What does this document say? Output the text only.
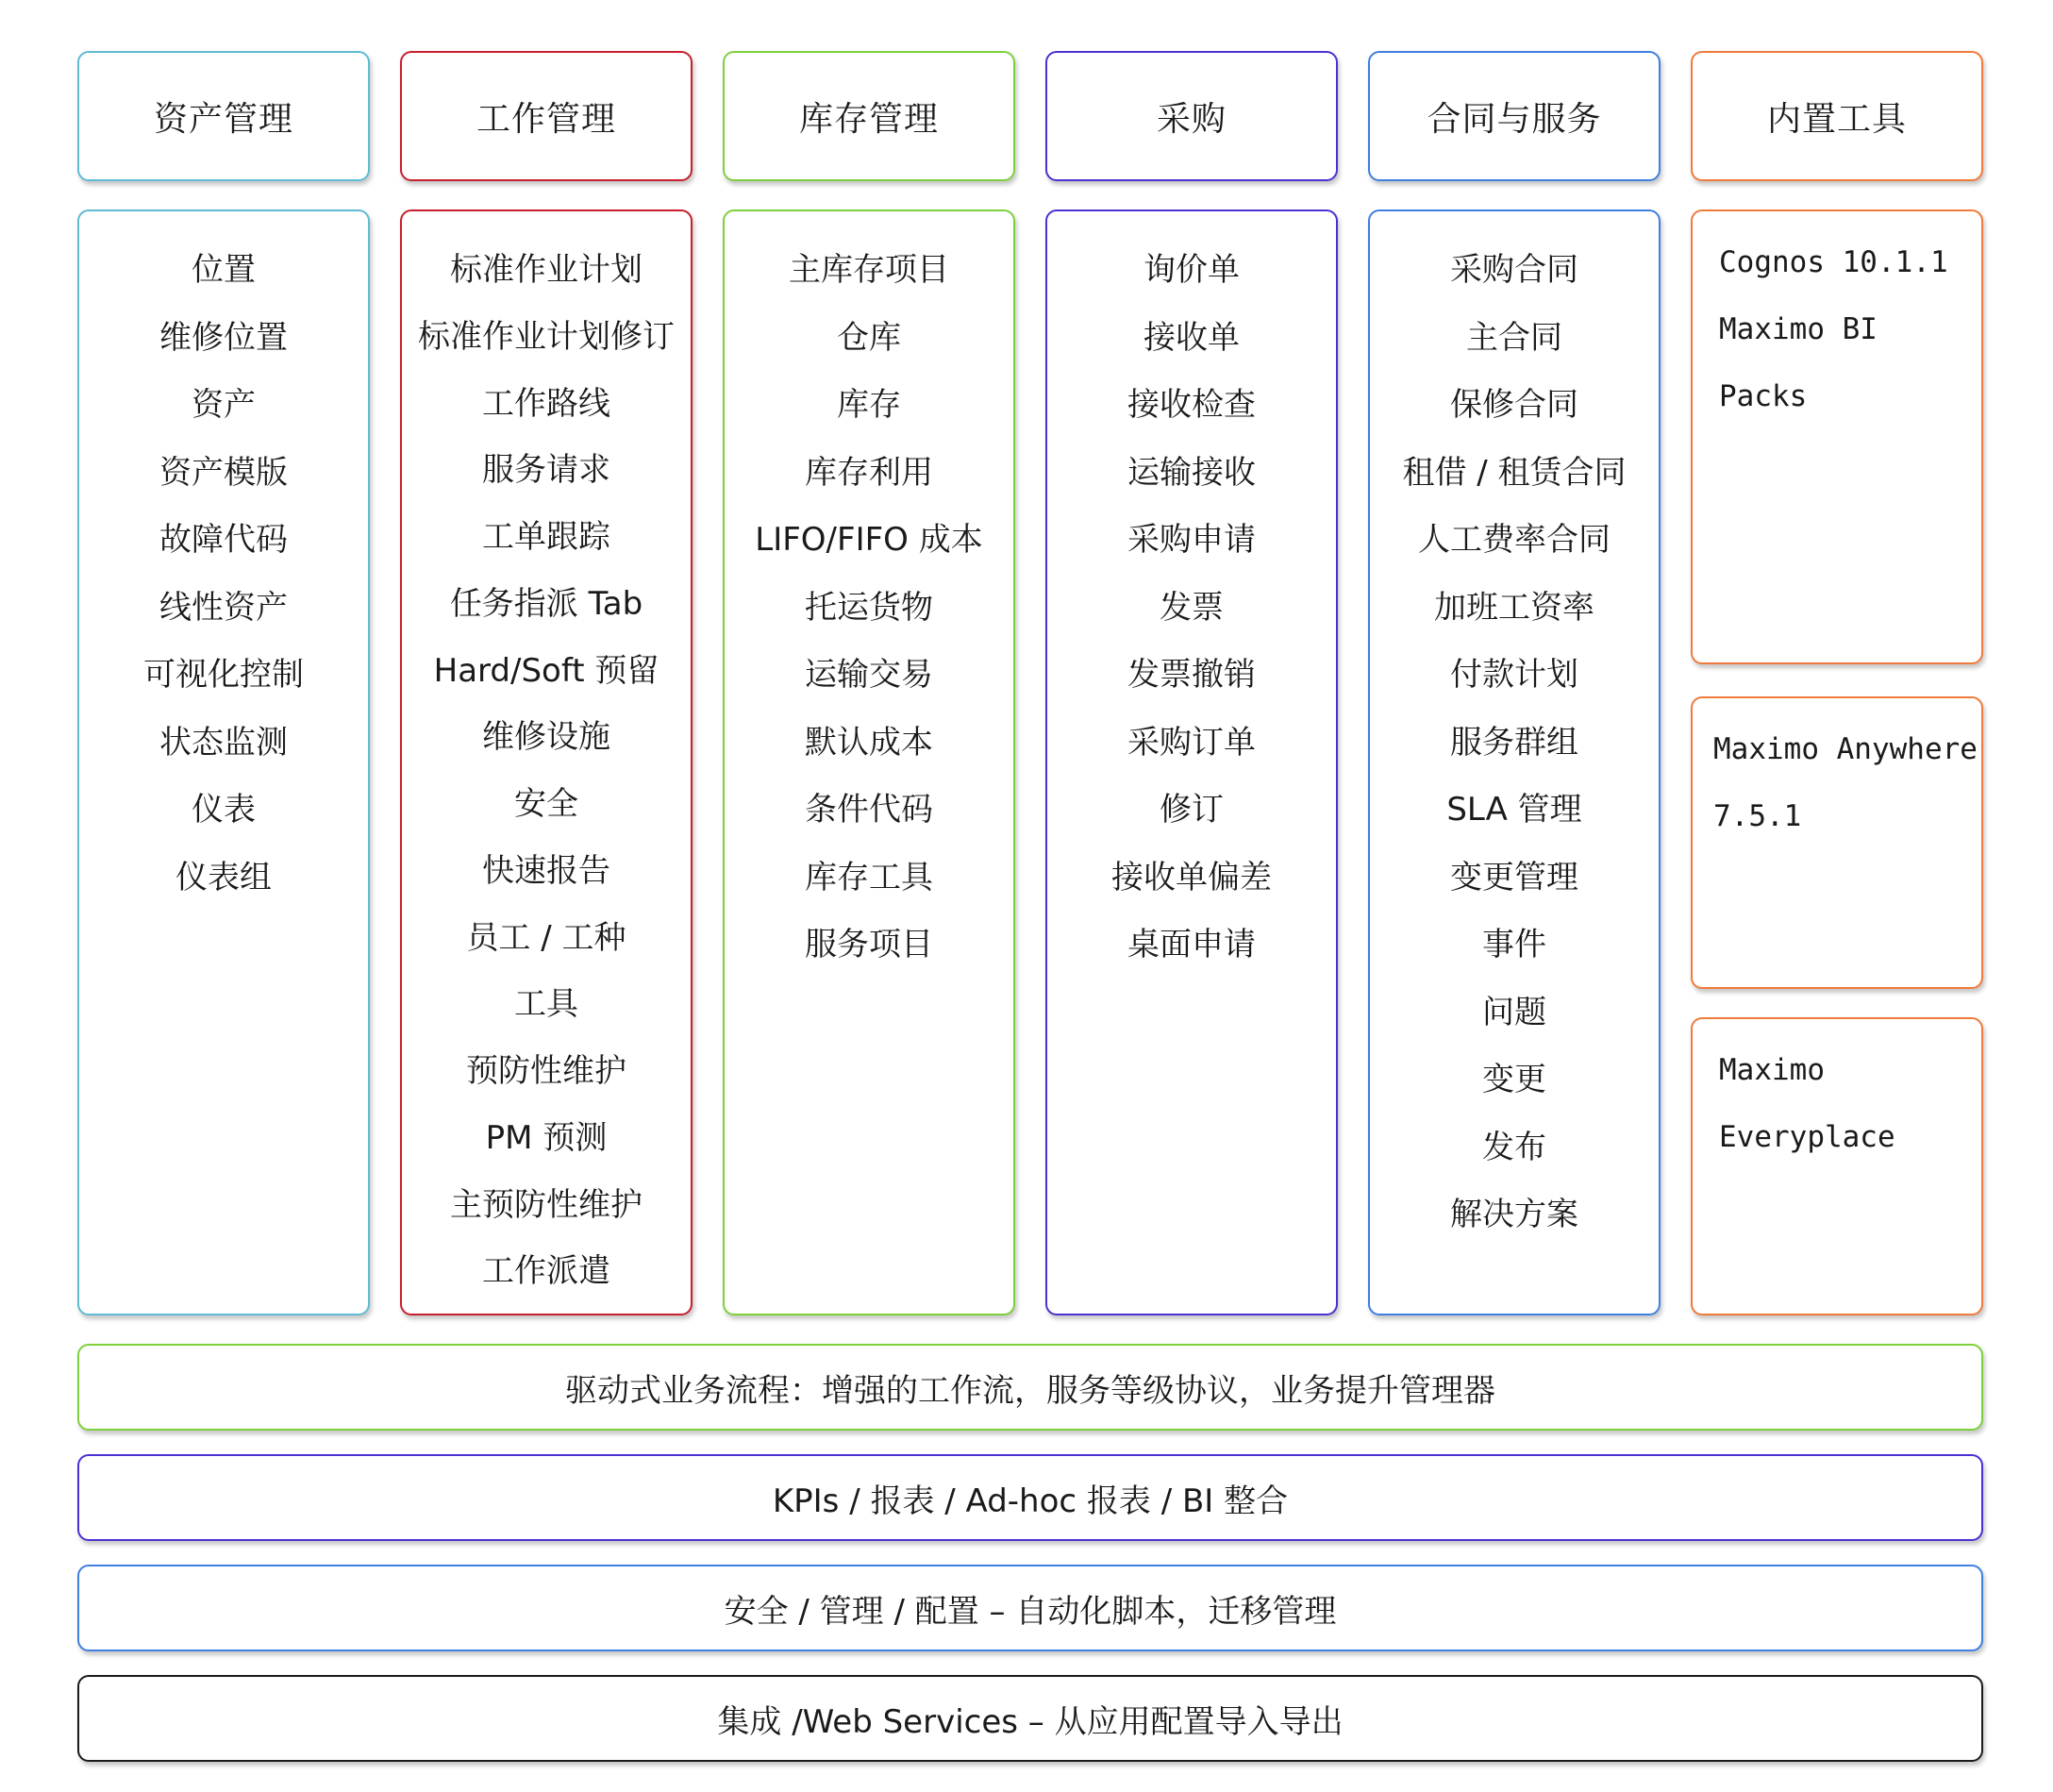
资产管理	工作管理	库存管理	采购	合同与服务	内置工具
位置
维修位置
资产
资产模版
故障代码
线性资产
可视化控制
状态监测
仪表
仪表组
标准作业计划
标准作业计划修订
工作路线
服务请求
工单跟踪
任务指派 Tab
Hard/Soft 预留
维修设施
安全
快速报告
员工 / 工种
工具
预防性维护
PM 预测
主预防性维护
工作派遣
主库存项目
仓库
库存
库存利用
LIFO/FIFO 成本
托运货物
运输交易
默认成本
条件代码
库存工具
服务项目
询价单
接收单
接收检查
运输接收
采购申请
发票
发票撤销
采购订单
修订
接收单偏差
桌面申请
采购合同
主合同
保修合同
租借 / 租赁合同
人工费率合同
加班工资率
付款计划
服务群组
SLA 管理
变更管理
事件
问题
变更
发布
解决方案
Cognos 10.1.1
Maximo BI
Packs
Maximo Anywhere
7.5.1
Maximo
Everyplace
驱动式业务流程：增强的工作流，服务等级协议，业务提升管理器
KPIs / 报表 / Ad-hoc 报表 / BI 整合
安全 / 管理 / 配置 – 自动化脚本，迁移管理
集成 /Web Services – 从应用配置导入导出
